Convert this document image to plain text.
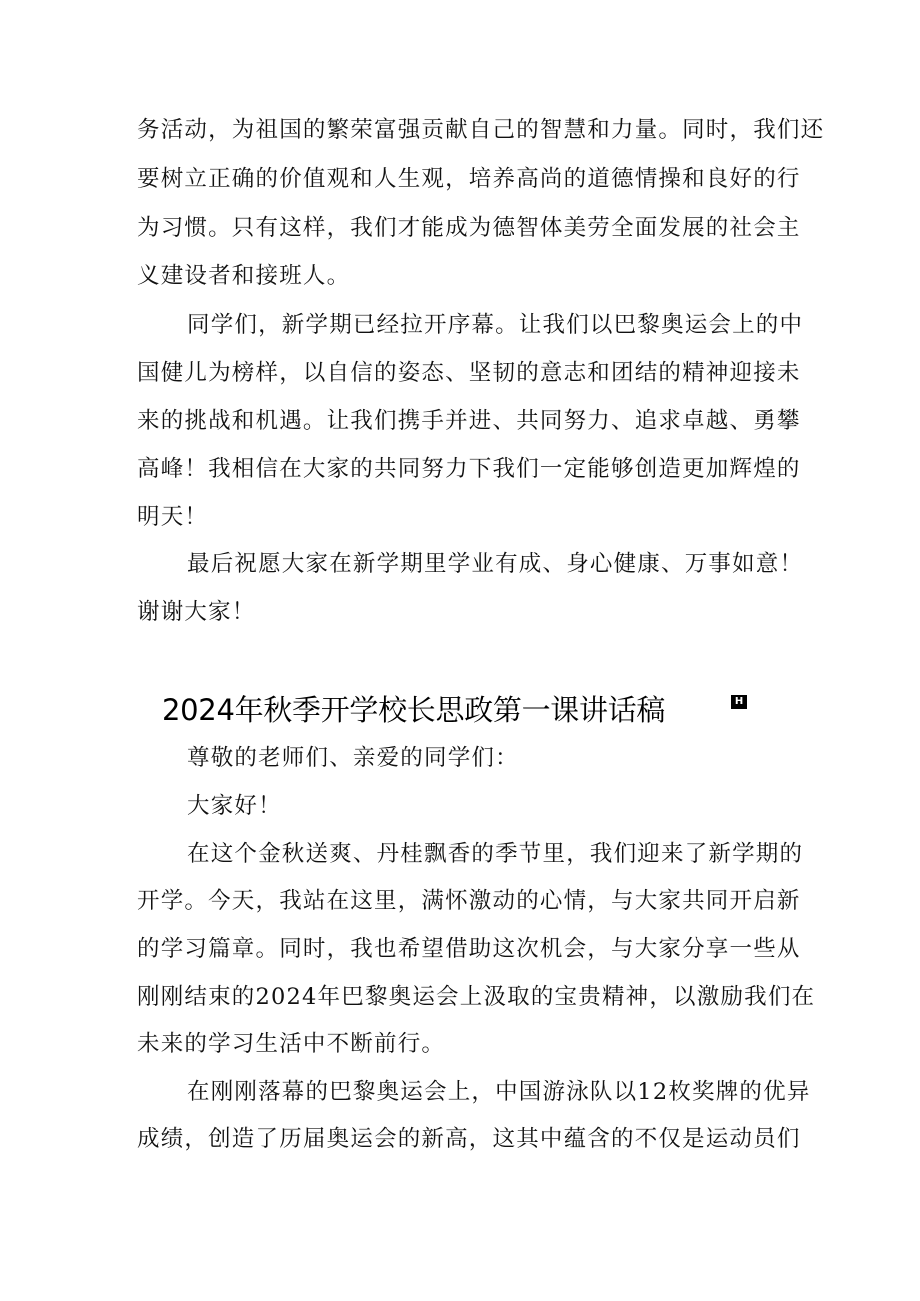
务活动，为祖国的繁荣富强贡献自己的智慧和力量。同时，我们还
要树立正确的价值观和人生观，培养高尚的道德情操和良好的行
为习惯。只有这样，我们才能成为德智体美劳全面发展的社会主
义建设者和接班人。
同学们，新学期已经拉开序幕。让我们以巴黎奥运会上的中
国健儿为榜样，以自信的姿态、坚韧的意志和团结的精神迎接未
来的挑战和机遇。让我们携手并进、共同努力、追求卓越、勇攀
高峰！我相信在大家的共同努力下我们一定能够创造更加辉煌的
明天！
最后祝愿大家在新学期里学业有成、身心健康、万事如意！
谢谢大家！
2024年秋季开学校长思政第一课讲话稿	H
尊敬的老师们、亲爱的同学们：
大家好！
在这个金秋送爽、丹桂飘香的季节里，我们迎来了新学期的
开学。今天，我站在这里，满怀激动的心情，与大家共同开启新
的学习篇章。同时，我也希望借助这次机会，与大家分享一些从
刚刚结束的2024年巴黎奥运会上汲取的宝贵精神，以激励我们在
未来的学习生活中不断前行。
在刚刚落幕的巴黎奥运会上，中国游泳队以12枚奖牌的优异
成绩，创造了历届奥运会的新高，这其中蕴含的不仅是运动员们
